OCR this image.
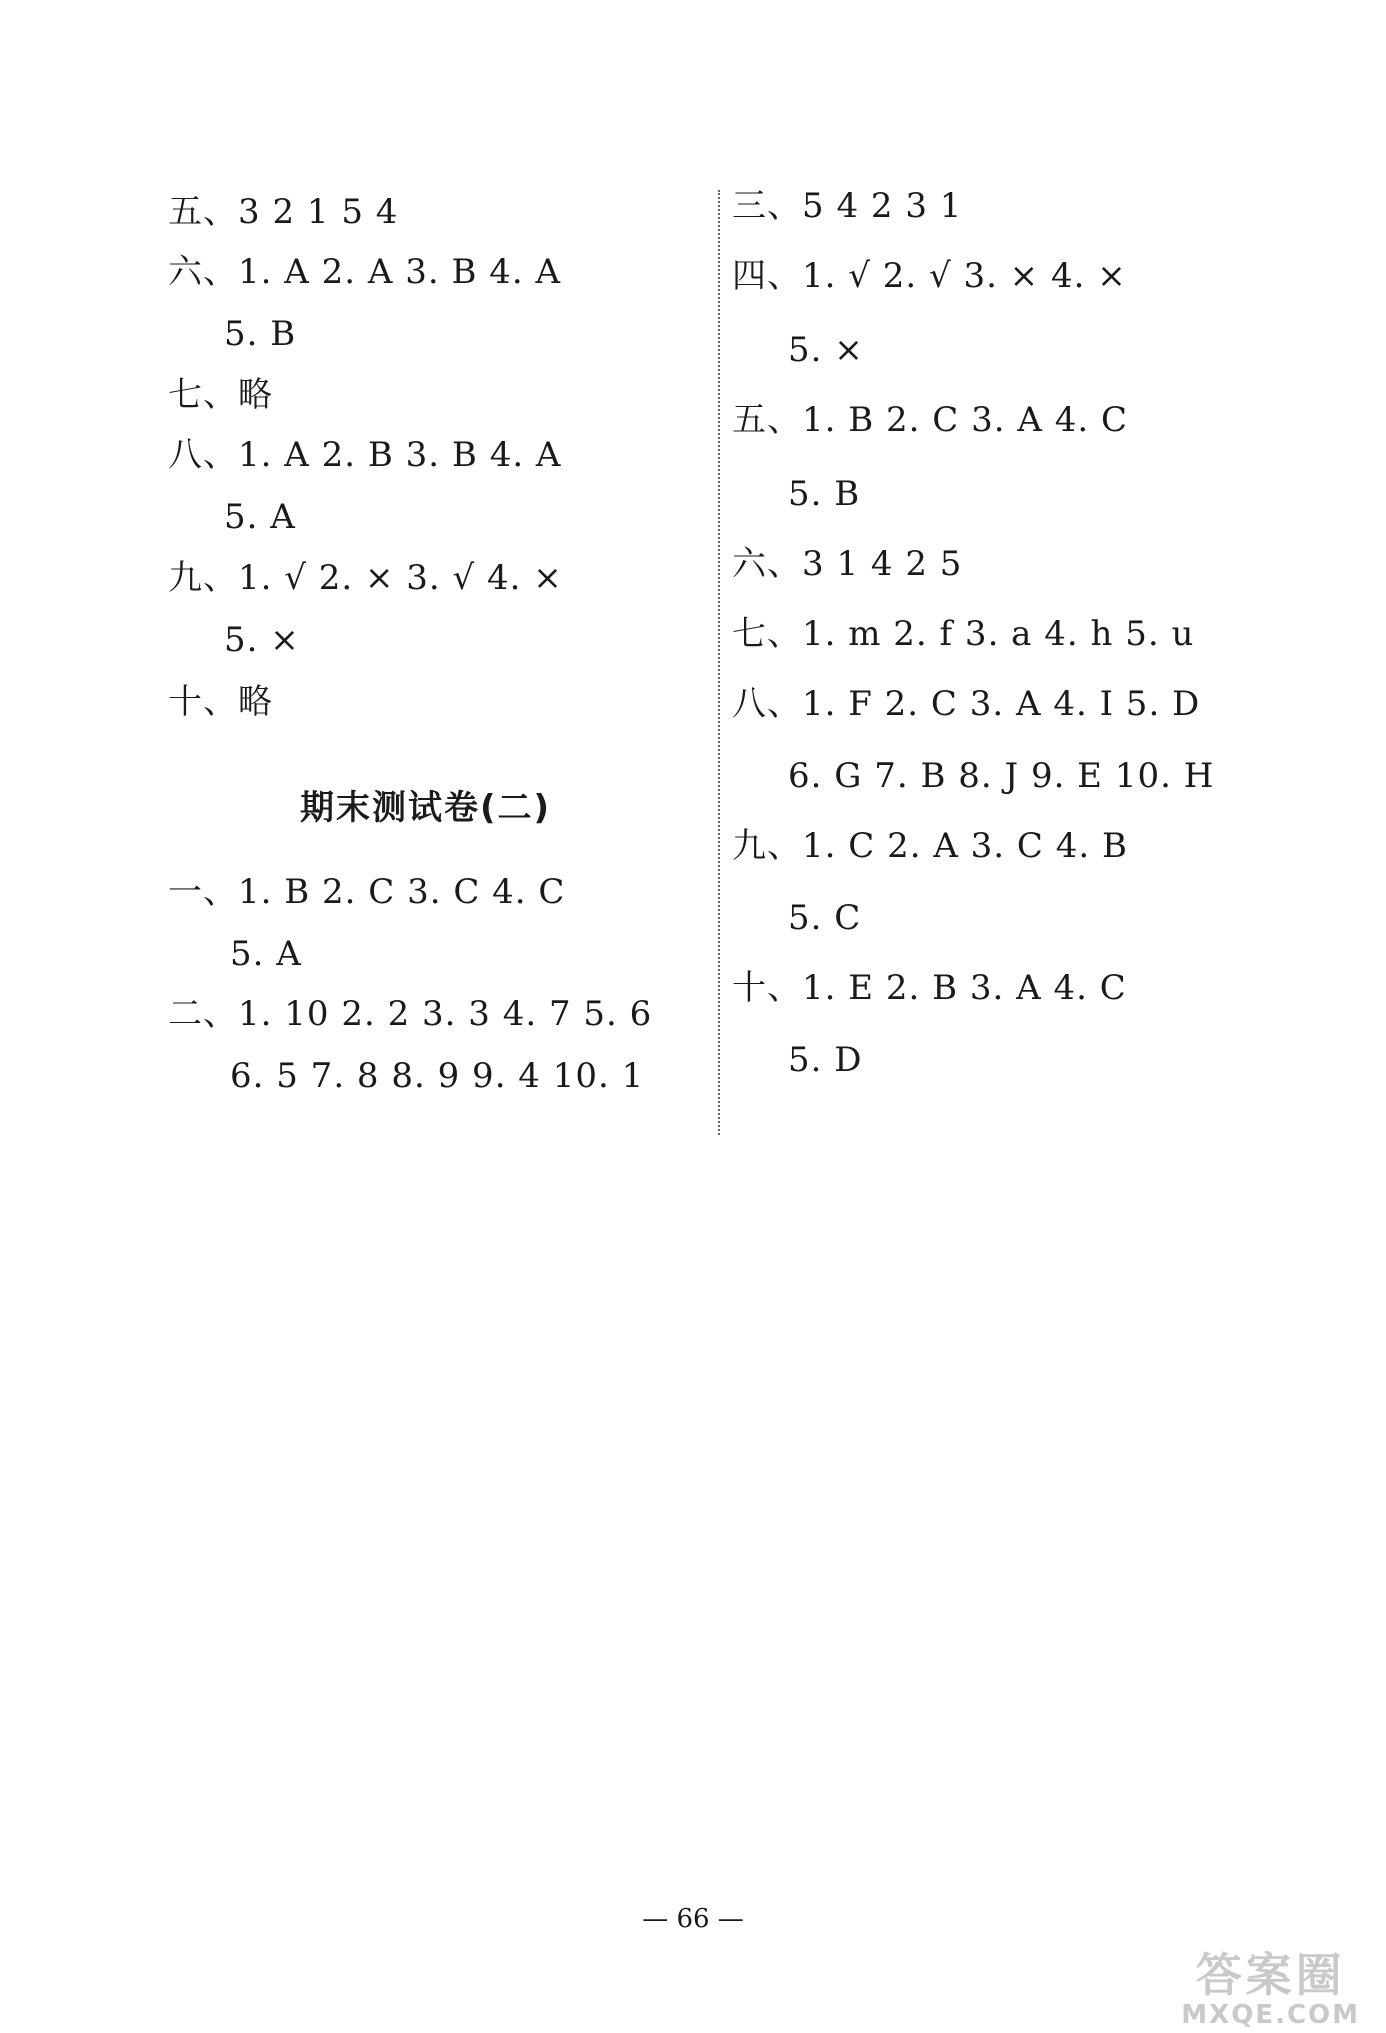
五、3 2 1 5 4
六、1. A 2. A 3. B 4. A
5. B
七、略
八、1. A 2. B 3. B 4. A
5. A
九、1. √ 2. × 3. √ 4. ×
5. ×
十、略
一、1. B 2. C 3. C 4. C
5. A
二、1. 10 2. 2 3. 3 4. 7 5. 6
6. 5 7. 8 8. 9 9. 4 10. 1
期末测试卷(二)
三、5 4 2 3 1
四、1. √ 2. √ 3. × 4. ×
5. ×
五、1. B 2. C 3. A 4. C
5. B
六、3 1 4 2 5
七、1. m 2. f 3. a 4. h 5. u
八、1. F 2. C 3. A 4. I 5. D
6. G 7. B 8. J 9. E 10. H
九、1. C 2. A 3. C 4. B
5. C
十、1. E 2. B 3. A 4. C
5. D
— 66 —
答案圈
MXQE.COM
